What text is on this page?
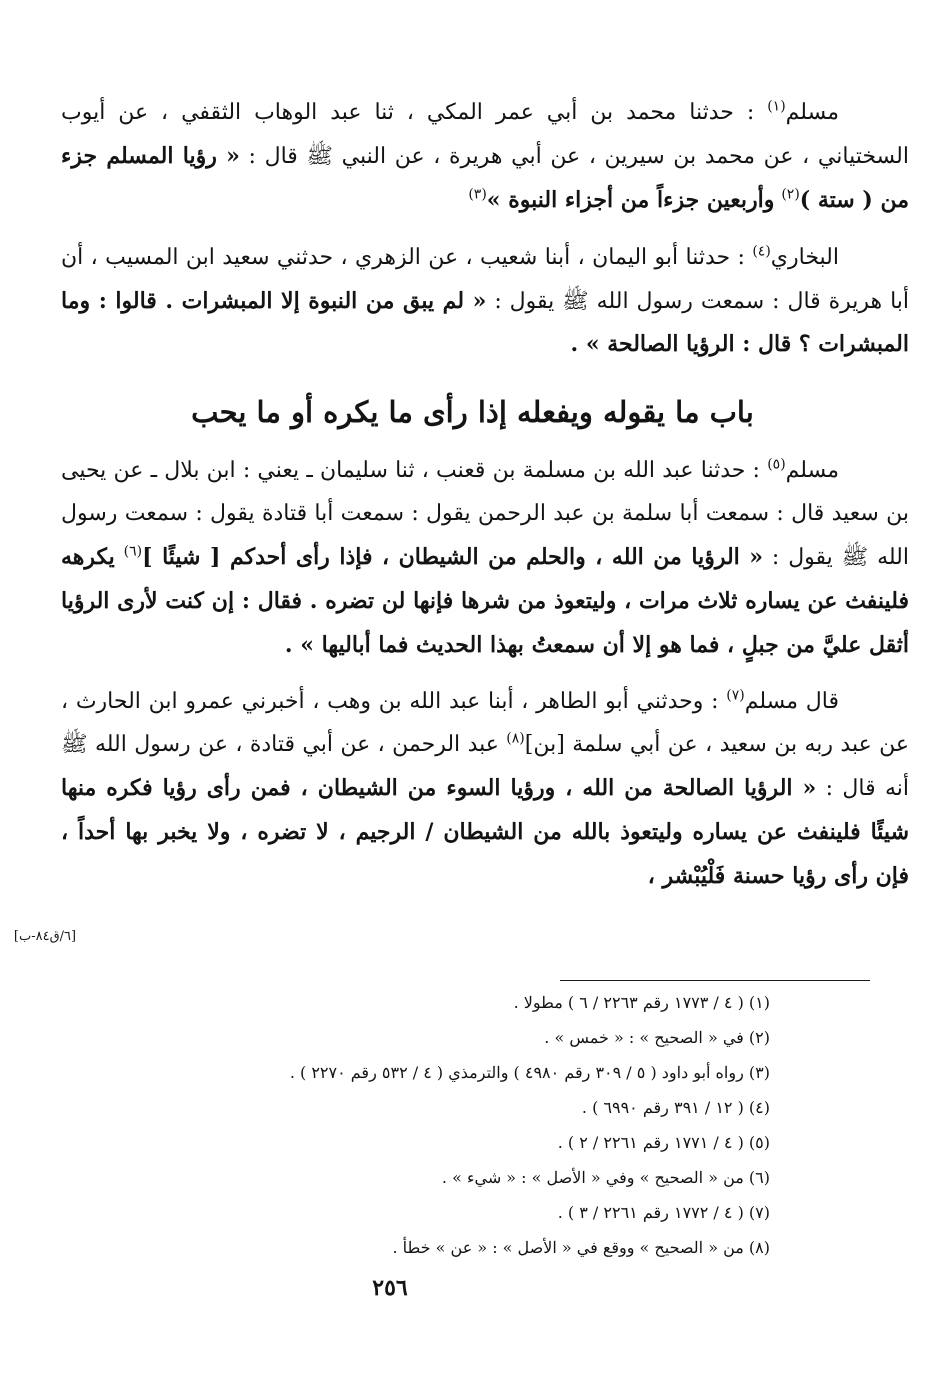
مسلم$^{(١)}$ : حدثنا محمد بن أبي عمر المكي ، ثنا عبد الوهاب الثقفي ، عن أيوب السختياني ، عن محمد بن سيرين ، عن أبي هريرة ، عن النبي ﷺ قال : « رؤيا المسلم جزء من ( ستة )$^{(٢)}$ وأربعين جزءاً من أجزاء النبوة »$^{(٣)}$

البخاري$^{(٤)}$ : حدثنا أبو اليمان ، أبنا شعيب ، عن الزهري ، حدثني سعيد ابن المسيب ، أن أبا هريرة قال : سمعت رسول الله ﷺ يقول : « لم يبق من النبوة إلا المبشرات . قالوا : وما المبشرات ؟ قال : الرؤيا الصالحة » .

باب ما يقوله ويفعله إذا رأى ما يكره أو ما يحب

مسلم$^{(٥)}$ : حدثنا عبد الله بن مسلمة بن قعنب ، ثنا سليمان ـ يعني : ابن بلال ـ عن يحيى بن سعيد قال : سمعت أبا سلمة بن عبد الرحمن يقول : سمعت أبا قتادة يقول : سمعت رسول الله ﷺ يقول : « الرؤيا من الله ، والحلم من الشيطان ، فإذا رأى أحدكم [ شيئًا ]$^{(٦)}$ يكرهه فلينفث عن يساره ثلاث مرات ، وليتعوذ من شرها فإنها لن تضره . فقال : إن كنت لأرى الرؤيا أثقل عليَّ من جبلٍ ، فما هو إلا أن سمعتُ بهذا الحديث فما أباليها » .

قال مسلم$^{(٧)}$ : وحدثني أبو الطاهر ، أبنا عبد الله بن وهب ، أخبرني عمرو ابن الحارث ، عن عبد ربه بن سعيد ، عن أبي سلمة [بن]$^{(٨)}$ عبد الرحمن ، عن أبي قتادة ، عن رسول الله ﷺ أنه قال : « الرؤيا الصالحة من الله ، ورؤيا السوء من الشيطان ، فمن رأى رؤيا فكره منها شيئًا فلينفث عن يساره وليتعوذ بالله من الشيطان / الرجيم ، لا تضره ، ولا يخبر بها أحداً ، فإن رأى رؤيا حسنة فَلْيُبْشر ،

[٦/ق٨٤-ب]
(١) ( ٤ / ١٧٧٣ رقم ٢٢٦٣ / ٦ ) مطولا .
(٢) في « الصحيح » : « خمس » .
(٣) رواه أبو داود ( ٥ / ٣٠٩ رقم ٤٩٨٠ ) والترمذي ( ٤ / ٥٣٢ رقم ٢٢٧٠ ) .
(٤) ( ١٢ / ٣٩١ رقم ٦٩٩٠ ) .
(٥) ( ٤ / ١٧٧١ رقم ٢٢٦١ / ٢ ) .
(٦) من « الصحيح » وفي « الأصل » : « شيء » .
(٧) ( ٤ / ١٧٧٢ رقم ٢٢٦١ / ٣ ) .
(٨) من « الصحيح » ووقع في « الأصل » : « عن » خطأ .
٢٥٦
